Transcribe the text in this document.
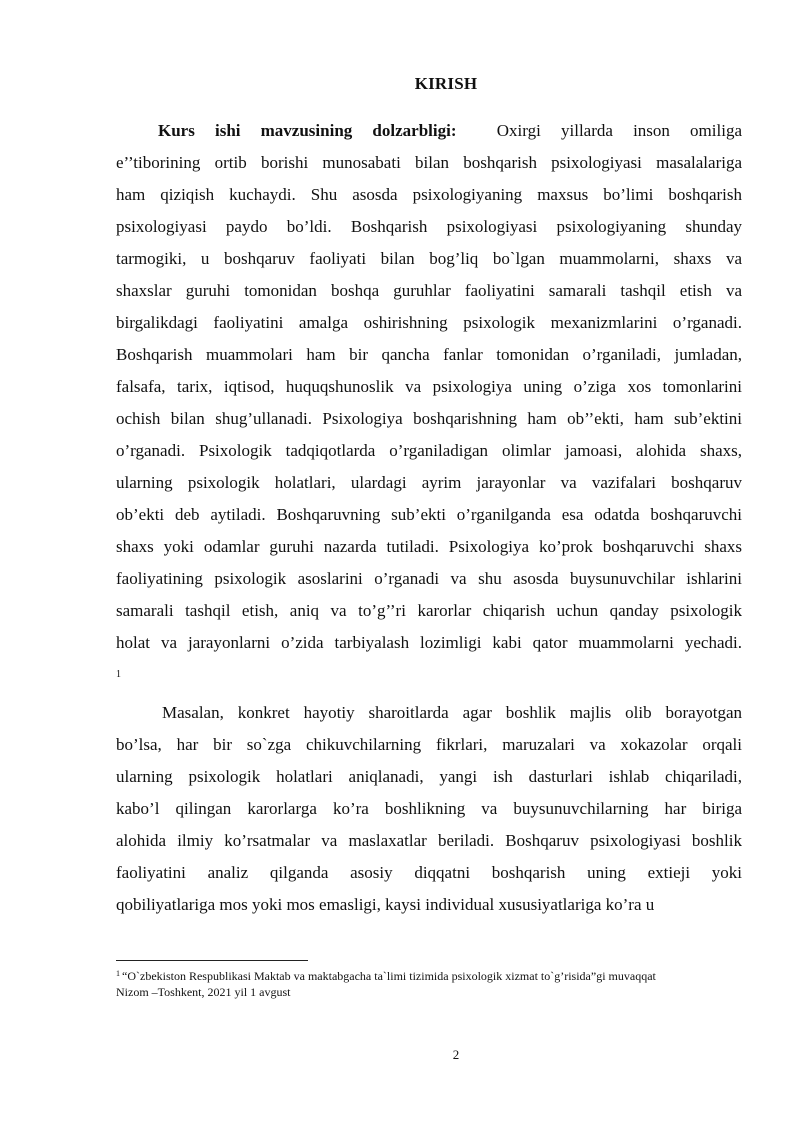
KIRISH
Kurs ishi mavzusining dolzarbligi: Oxirgi yillarda inson omiliga
e’’tiborining ortib borishi munosabati bilan boshqarish psixologiyasi masalalariga
ham qiziqish kuchaydi. Shu asosda psixologiyaning maxsus bo’limi boshqarish
psixologiyasi paydo bo’ldi. Boshqarish psixologiyasi psixologiyaning shunday
tarmogiki, u boshqaruv faoliyati bilan bog’liq bo`lgan muammolarni, shaxs va
shaxslar guruhi tomonidan boshqa guruhlar faoliyatini samarali tashqil etish va
birgalikdagi faoliyatini amalga oshirishning psixologik mexanizmlarini o’rganadi.
Boshqarish muammolari ham bir qancha fanlar tomonidan o’rganiladi, jumladan,
falsafa, tarix, iqtisod, huquqshunoslik va psixologiya uning o’ziga xos tomonlarini
ochish bilan shug’ullanadi. Psixologiya boshqarishning ham ob’’ekti, ham sub’ektini
o’rganadi. Psixologik tadqiqotlarda o’rganiladigan olimlar jamoasi, alohida shaxs,
ularning psixologik holatlari, ulardagi ayrim jarayonlar va vazifalari boshqaruv
ob’ekti deb aytiladi. Boshqaruvning sub’ekti o’rganilganda esa odatda boshqaruvchi
shaxs yoki odamlar guruhi nazarda tutiladi. Psixologiya ko’prok boshqaruvchi shaxs
faoliyatining psixologik asoslarini o’rganadi va shu asosda buysunuvchilar ishlarini
samarali tashqil etish, aniq va to’g’’ri karorlar chiqarish uchun qanday psixologik
holat va jarayonlarni o’zida tarbiyalash lozimligi kabi qator muammolarni yechadi.
1
Masalan, konkret hayotiy sharoitlarda agar boshlik majlis olib borayotgan
bo’lsa, har bir so`zga chikuvchilarning fikrlari, maruzalari va xokazolar orqali
ularning psixologik holatlari aniqlanadi, yangi ish dasturlari ishlab chiqariladi,
kabo’l qilingan karorlarga ko’ra boshlikning va buysunuvchilarning har biriga
alohida ilmiy ko’rsatmalar va maslaxatlar beriladi. Boshqaruv psixologiyasi boshlik
faoliyatini analiz qilganda asosiy diqqatni boshqarish uning extieji yoki
qobiliyatlariga mos yoki mos emasligi, kaysi individual xususiyatlariga ko’ra u
$^1$ “O`zbekiston Respublikasi Maktab va maktabgacha ta`limi tizimida psixologik xizmat to`g’risida”gi muvaqqat
Nizom –Toshkent, 2021 yil 1 avgust
2
